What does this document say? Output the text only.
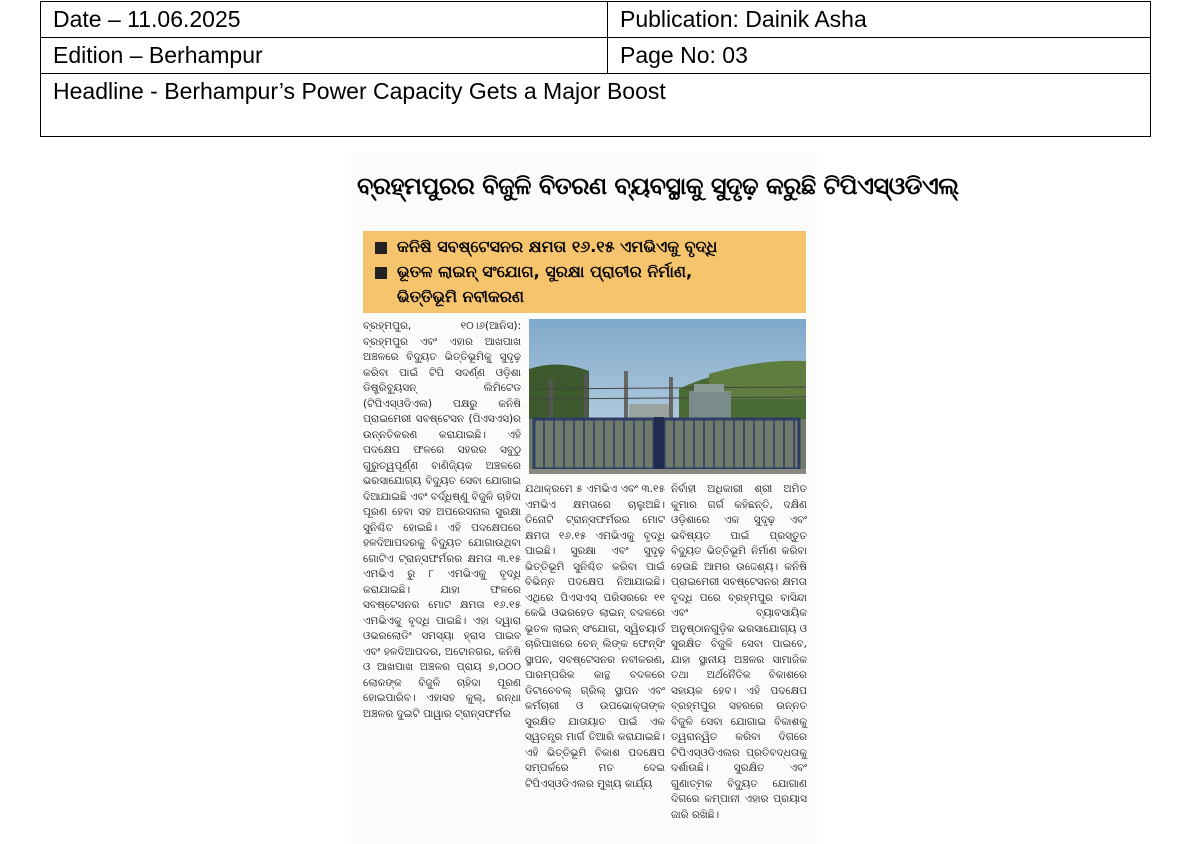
Date – 11.06.2025	Publication: Dainik Asha
Edition – Berhampur	Page No: 03
Headline - Berhampur’s Power Capacity Gets a Major Boost	
ବ୍ରହ୍ମପୁରର ବିଜୁଳି ବିତରଣ ବ୍ୟବସ୍ଥାକୁ ସୁଦୃଢ଼ କରୁଛି ଟିପିଏସ୍‌ଓଡିଏଲ୍‌
କନିଷି ସବଷ୍ଟେସନର କ୍ଷମତା ୧୬.୧୫ ଏମଭିଏକୁ ବୃଦ୍ଧି
ଭୂତଳ ଲାଇନ୍ ସଂଯୋଗ, ସୁରକ୍ଷା ପ୍ରାଚୀର ନିର୍ମାଣ,
ଭିତ୍ତିଭୂମି ନବୀକରଣ

ବ୍ରହ୍ମପୁର, ୧୦।୬(ଆନିସ): ବ୍ରହ୍ମପୁର ଏବଂ ଏହାର ଆଖପାଖ ଅଞ୍ଚଳରେ ବିଦ୍ୟୁତ ଭିତ୍ତିଭୂମିକୁ ସୁଦୃଢ଼ କରିବା ପାଇଁ ଟିପି ସଦର୍ଣ୍ଣ ଓଡ଼ିଶା ଡିଷ୍ଟ୍ରିବ୍ୟୁସନ୍ ଲିମିଟେଡ (ଟିପିଏସ୍‌ଓଡିଏଲ) ପକ୍ଷରୁ କନିଷି ପ୍ରାଇମେରୀ ସବଷ୍ଟେସନ (ପିଏସଏସ)ର ଉନ୍ନତିକରଣ କରାଯାଇଛି। ଏହି ପଦକ୍ଷେପ ଫଳରେ ସହରର ସବୁଠୁ ଗୁରୁତ୍ୱପୂର୍ଣ୍ଣ ବାଣିଜ୍ୟିକ ଅଞ୍ଚଳରେ ଭରସାଯୋଗ୍ୟ ବିଦ୍ୟୁତ ସେବା ଯୋଗାଇ ଦିଆଯାଇଛି ଏବଂ ବର୍ଦ୍ଧିଷ୍ଣୁ ବିଜୁଳି ଚାହିଦା ପୂରଣ ହେବା ସହ ଅପରେସନାଲ ସୁରକ୍ଷା ସୁନିଶ୍ଚିତ ହୋଇଛି। ଏହି ପଦକ୍ଷେପରେ ହଳଦିଆପଦରକୁ ବିଦ୍ୟୁତ ଯୋଗାଉଥିବା ଗୋଟିଏ ଟ୍ରାନ୍ସଫର୍ମରର କ୍ଷମତା ୩.୧୫ ଏମଭିଏ ରୁ ୮ ଏମଭିଏକୁ ବୃଦ୍ଧି କରାଯାଇଛି। ଯାହା ଫଳରେ ସବଷ୍ଟେସନର ମୋଟ କ୍ଷମତା ୧୬.୧୫ ଏମଭିଏକୁ ବୃଦ୍ଧି ପାଇଛି। ଏହା ଦ୍ୱାରା ଓଭରଲୋଡିଂ ସମସ୍ୟା ହ୍ରାସ ପାଇବ ଏବଂ ହଳଦିଆପଦର, ଅଟୋନଗର, କନିଷି ଓ ଆଖପାଖ ଅଞ୍ଚଳର ପ୍ରାୟ ୭,୦୦୦ ଲୋକଙ୍କ ବିଜୁଳି ଚାହିଦା ପୂରଣ ହୋଇପାରିବ। ଏହାସହ କୁଲ୍, ରନ୍ଧା ଅଞ୍ଚଳର ଦୁଇଟି ପାୱାର ଟ୍ରାନ୍ସଫର୍ମର

ଯଥାକ୍ରମେ ୫ ଏମଭିଏ ଏବଂ ୩.୧୫ ଏମଭିଏ କ୍ଷମତାରେ ଚାଲୁଅଛି। ତିନୋଟି ଟ୍ରାନ୍ସଫର୍ମରର ମୋଟ କ୍ଷମତା ୧୬.୧୫ ଏମଭିଏକୁ ବୃଦ୍ଧି ପାଇଛି। ସୁରକ୍ଷା ଏବଂ ସୁଦୃଢ଼ ଭିତ୍ତିଭୂମି ସୁନିଶ୍ଚିତ କରିବା ପାଇଁ ବିଭିନ୍ନ ପଦକ୍ଷେପ ନିଆଯାଇଛି। ଏଥିରେ ପିଏସଏସ୍ ପରିସରରେ ୧୧ କେଭି ଓଭରହେଡ ଲାଇନ୍ ବଦଳରେ ଭୂତଳ ଲାଇନ୍ ସଂଯୋଗ, ସ୍ୱିଚୟାର୍ଡ ଚାରିପାଖରେ ଚେନ୍ ଲିଙ୍କ ଫେନ୍ସିଂ ସ୍ଥାପନ, ସବଷ୍ଟେସନର ନବୀକରଣ, ପାରମ୍ପରିକ କାନ୍ଥ ବଦଳରେ ଡିଟାଚେବଲ୍ ଗ୍ରିଲ୍ ସ୍ଥାପନ ଏବଂ କର୍ମଚାରୀ ଓ ଉପଭୋକ୍ତାଙ୍କ ସୁରକ୍ଷିତ ଯାତାୟାତ ପାଇଁ ଏକ ସ୍ୱତନ୍ତ୍ର ମାର୍ଗ ତିଆରି କରାଯାଇଛି। ଏହି ଭିତ୍ତିଭୂମି ବିକାଶ ପଦକ୍ଷେପ ସମ୍ପର୍କରେ ମତ ଦେଇ ଟିପିଏସ୍‌ଓଡିଏଲର ମୁଖ୍ୟ କାର୍ଯ୍ୟ

ନିର୍ବାହୀ ଅଧିକାରୀ ଶ୍ରୀ ଅମିତ କୁମାର ଗର୍ଗ କହିଛନ୍ତି, ଦକ୍ଷିଣ ଓଡ଼ିଶାରେ ଏକ ସୁଦୃଢ଼ ଏବଂ ଭବିଷ୍ୟତ ପାଇଁ ପ୍ରସ୍ତୁତ ବିଦ୍ୟୁତ ଭିତ୍ତିଭୂମି ନିର୍ମାଣ କରିବା ହେଉଛି ଆମର ଉଦ୍ଦେଶ୍ୟ। କନିଷି ପ୍ରାଇମେରୀ ସବଷ୍ଟେସନର କ୍ଷମତା ବୃଦ୍ଧି ପରେ ବ୍ରହ୍ମପୁର ବାସିନ୍ଦା ଏବଂ ବ୍ୟାବସାୟିକ ଅନୁଷ୍ଠାନଗୁଡ଼ିକ ଭରସାଯୋଗ୍ୟ ଓ ସୁରକ୍ଷିତ ବିଜୁଳି ସେବା ପାଇବେ, ଯାହା ସ୍ଥାନୀୟ ଅଞ୍ଚଳର ସାମାଜିକ ତଥା ଅର୍ଥନୈତିକ ବିକାଶରେ ସହାୟକ ହେବ। ଏହି ପଦକ୍ଷେପ ବ୍ରହ୍ମପୁର ସହରରେ ଉନ୍ନତ ବିଜୁଳି ସେବା ଯୋଗାଇ ବିକାଶକୁ ତ୍ୱରାନ୍ୱିତ କରିବା ଦିଗରେ ଟିପିଏସ୍‌ଓଡିଏଲର ପ୍ରତିବଦ୍ଧତାକୁ ଦର୍ଶାଉଛି। ସୁରକ୍ଷିତ ଏବଂ ଗୁଣାତ୍ମକ ବିଦ୍ୟୁତ ଯୋଗାଣ ଦିଗରେ କମ୍ପାନୀ ଏହାର ପ୍ରୟାସ ଜାରି ରଖିଛି।
